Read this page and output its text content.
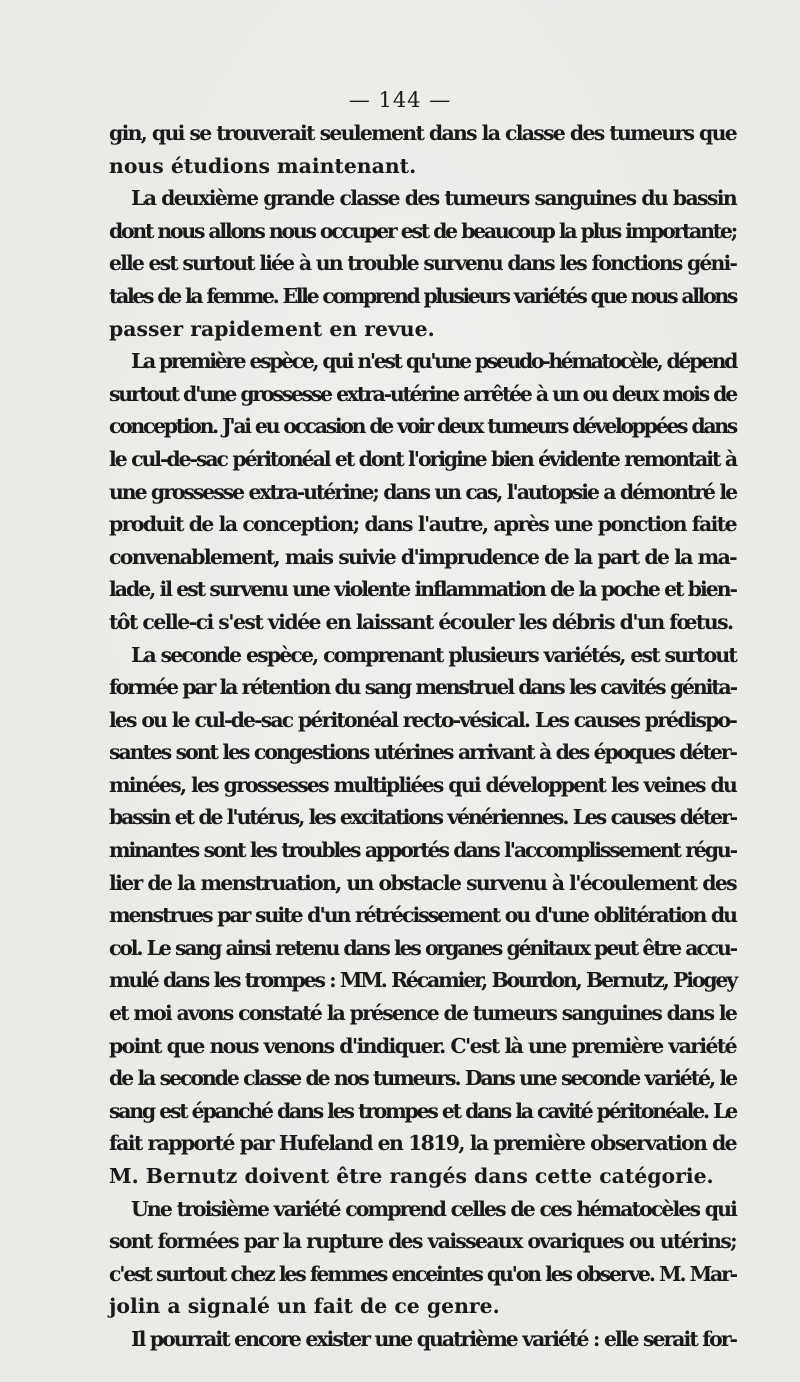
— 144 —
gin, qui se trouverait seulement dans la classe des tumeurs que
nous étudions maintenant.
La deuxième grande classe des tumeurs sanguines du bassin
dont nous allons nous occuper est de beaucoup la plus importante;
elle est surtout liée à un trouble survenu dans les fonctions géni-
tales de la femme. Elle comprend plusieurs variétés que nous allons
passer rapidement en revue.
La première espèce, qui n'est qu'une pseudo-hématocèle, dépend
surtout d'une grossesse extra-utérine arrêtée à un ou deux mois de
conception. J'ai eu occasion de voir deux tumeurs développées dans
le cul-de-sac péritonéal et dont l'origine bien évidente remontait à
une grossesse extra-utérine; dans un cas, l'autopsie a démontré le
produit de la conception; dans l'autre, après une ponction faite
convenablement, mais suivie d'imprudence de la part de la ma-
lade, il est survenu une violente inflammation de la poche et bien-
tôt celle-ci s'est vidée en laissant écouler les débris d'un fœtus.
La seconde espèce, comprenant plusieurs variétés, est surtout
formée par la rétention du sang menstruel dans les cavités génita-
les ou le cul-de-sac péritonéal recto-vésical. Les causes prédispo-
santes sont les congestions utérines arrivant à des époques déter-
minées, les grossesses multipliées qui développent les veines du
bassin et de l'utérus, les excitations vénériennes. Les causes déter-
minantes sont les troubles apportés dans l'accomplissement régu-
lier de la menstruation, un obstacle survenu à l'écoulement des
menstrues par suite d'un rétrécissement ou d'une oblitération du
col. Le sang ainsi retenu dans les organes génitaux peut être accu-
mulé dans les trompes : MM. Récamier, Bourdon, Bernutz, Piogey
et moi avons constaté la présence de tumeurs sanguines dans le
point que nous venons d'indiquer. C'est là une première variété
de la seconde classe de nos tumeurs. Dans une seconde variété, le
sang est épanché dans les trompes et dans la cavité péritonéale. Le
fait rapporté par Hufeland en 1819, la première observation de
M. Bernutz doivent être rangés dans cette catégorie.
Une troisième variété comprend celles de ces hématocèles qui
sont formées par la rupture des vaisseaux ovariques ou utérins;
c'est surtout chez les femmes enceintes qu'on les observe. M. Mar-
jolin a signalé un fait de ce genre.
Il pourrait encore exister une quatrième variété : elle serait for-
